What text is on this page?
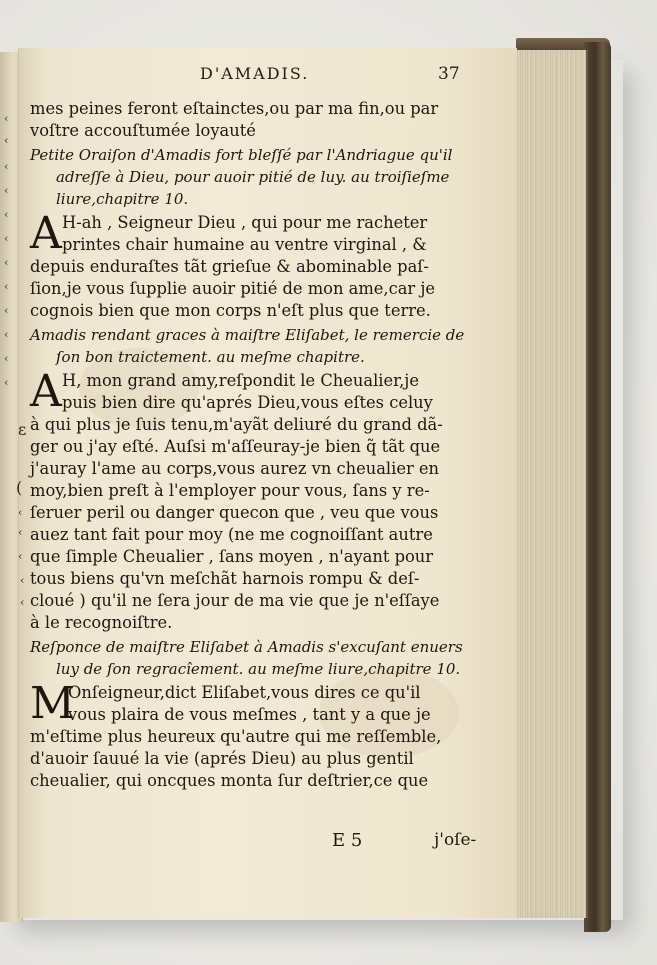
‹
‹
‹
‹
‹
‹
‹
‹
‹
‹
‹
‹
ɛ
(
‹
‹
‹
‹
‹
D'AMADIS.	37
mes peines feront eſtainctes,ou par ma fin,ou par
voſtre accouſtumée loyauté
Petite Oraiſon d'Amadis fort bleſſé par l'Andriague qu'il
adreſſe à Dieu, pour auoir pitié de luy. au troiſieſme
liure,chapitre 10.
A H-ah , Seigneur Dieu , qui pour me racheter
printes chair humaine au ventre virginal , &
depuis enduraſtes tãt grieſue & abominable paſ-
ſion,je vous ſupplie auoir pitié de mon ame,car je
cognois bien que mon corps n'eſt plus que terre.
Amadis rendant graces à maiſtre Eliſabet, le remercie de
ſon bon traictement. au meſme chapitre.
A H, mon grand amy,reſpondit le Cheualier,je
puis bien dire qu'aprés Dieu,vous eſtes celuy
à qui plus je ſuis tenu,m'ayãt deliuré du grand dã-
ger ou j'ay eſté. Auſsi m'aſſeuray-je bien q̃ tãt que
j'auray l'ame au corps,vous aurez vn cheualier en
moy,bien preſt à l'employer pour vous, ſans y re-
ſeruer peril ou danger quecon que , veu que vous
auez tant fait pour moy (ne me cognoiſſant autre
que ſimple Cheualier , ſans moyen , n'ayant pour
tous biens qu'vn meſchãt harnois rompu & deſ-
cloué ) qu'il ne ſera jour de ma vie que je n'eſſaye
à le recognoiſtre.
Reſponce de maiſtre Eliſabet à Amadis s'excuſant enuers
luy de ſon regracîement. au meſme liure,chapitre 10.
M
Onſeigneur,dict Eliſabet,vous dires ce qu'il
vous plaira de vous meſmes , tant y a que je
m'eſtime plus heureux qu'autre qui me reſſemble,
d'auoir ſauué la vie (aprés Dieu) au plus gentil
cheualier, qui oncques monta ſur deſtrier,ce que
E 5	j'oſe-
